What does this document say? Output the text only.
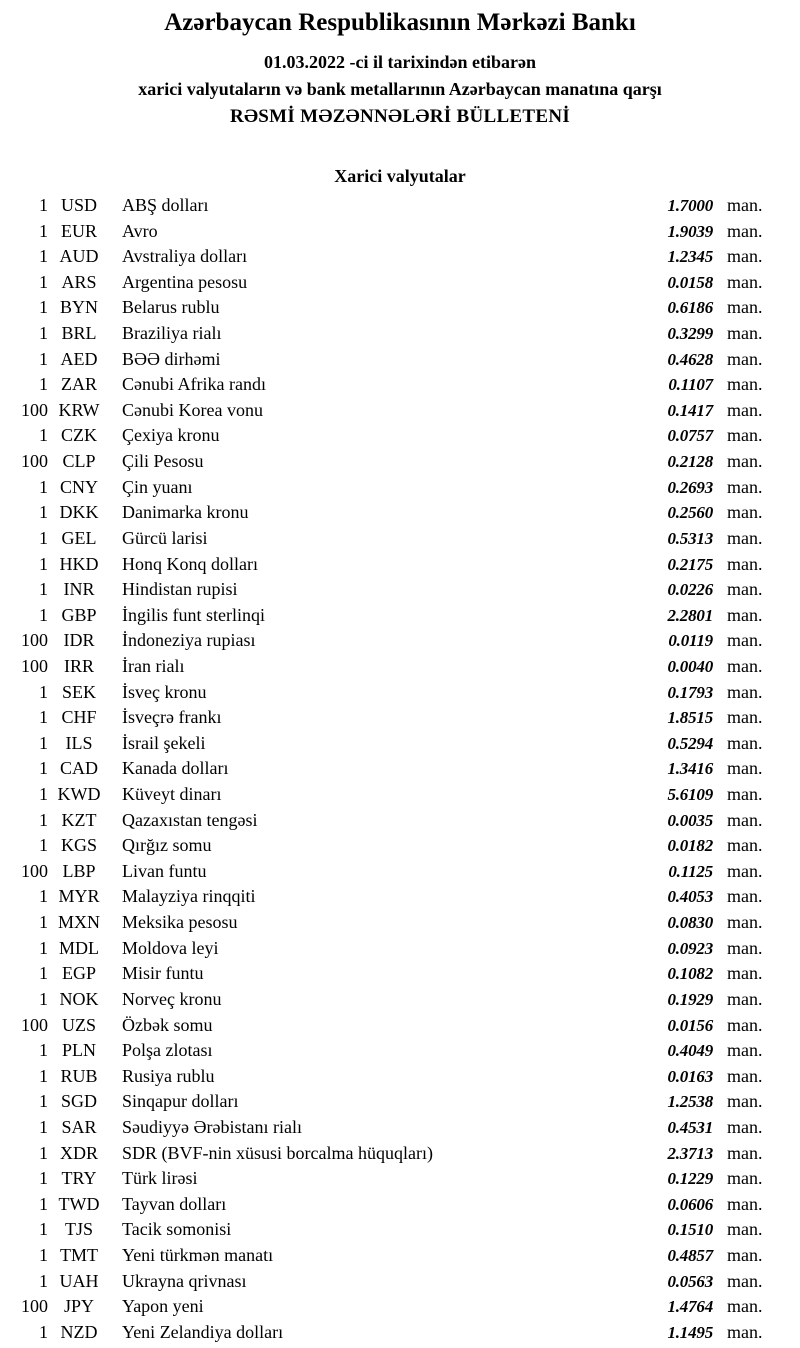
Azərbaycan Respublikasının Mərkəzi Bankı
01.03.2022 -ci il tarixindən etibarən
xarici valyutaların və bank metallarının Azərbaycan manatına qarşı
RƏSMİ MƏZƏNNƏLƏRİ BÜLLETENİ
Xarici valyutalar
1 USD	ABŞ dolları	1.7000 man.
1 EUR	Avro	1.9039 man.
1 AUD	Avstraliya dolları	1.2345 man.
1 ARS	Argentina pesosu	0.0158 man.
1 BYN	Belarus rublu	0.6186 man.
1 BRL	Braziliya rialı	0.3299 man.
1 AED	BƏƏ dirhəmi	0.4628 man.
1 ZAR	Cənubi Afrika randı	0.1107 man.
100 KRW	Cənubi Korea vonu	0.1417 man.
1 CZK	Çexiya kronu	0.0757 man.
100 CLP	Çili Pesosu	0.2128 man.
1 CNY	Çin yuanı	0.2693 man.
1 DKK	Danimarka kronu	0.2560 man.
1 GEL	Gürcü larisi	0.5313 man.
1 HKD	Honq Konq dolları	0.2175 man.
1 INR	Hindistan rupisi	0.0226 man.
1 GBP	İngilis funt sterlinqi	2.2801 man.
100 IDR	İndoneziya rupiası	0.0119 man.
100 IRR	İran rialı	0.0040 man.
1 SEK	İsveç kronu	0.1793 man.
1 CHF	İsveçrə frankı	1.8515 man.
1 ILS	İsrail şekeli	0.5294 man.
1 CAD	Kanada dolları	1.3416 man.
1 KWD	Küveyt dinarı	5.6109 man.
1 KZT	Qazaxıstan tengəsi	0.0035 man.
1 KGS	Qırğız somu	0.0182 man.
100 LBP	Livan funtu	0.1125 man.
1 MYR	Malayziya rinqqiti	0.4053 man.
1 MXN	Meksika pesosu	0.0830 man.
1 MDL	Moldova leyi	0.0923 man.
1 EGP	Misir funtu	0.1082 man.
1 NOK	Norveç kronu	0.1929 man.
100 UZS	Özbək somu	0.0156 man.
1 PLN	Polşa zlotası	0.4049 man.
1 RUB	Rusiya rublu	0.0163 man.
1 SGD	Sinqapur dolları	1.2538 man.
1 SAR	Səudiyyə Ərəbistanı rialı	0.4531 man.
1 XDR	SDR (BVF-nin xüsusi borcalma hüquqları)	2.3713 man.
1 TRY	Türk lirəsi	0.1229 man.
1 TWD	Tayvan dolları	0.0606 man.
1 TJS	Tacik somonisi	0.1510 man.
1 TMT	Yeni türkmən manatı	0.4857 man.
1 UAH	Ukrayna qrivnası	0.0563 man.
100 JPY	Yapon yeni	1.4764 man.
1 NZD	Yeni Zelandiya dolları	1.1495 man.
